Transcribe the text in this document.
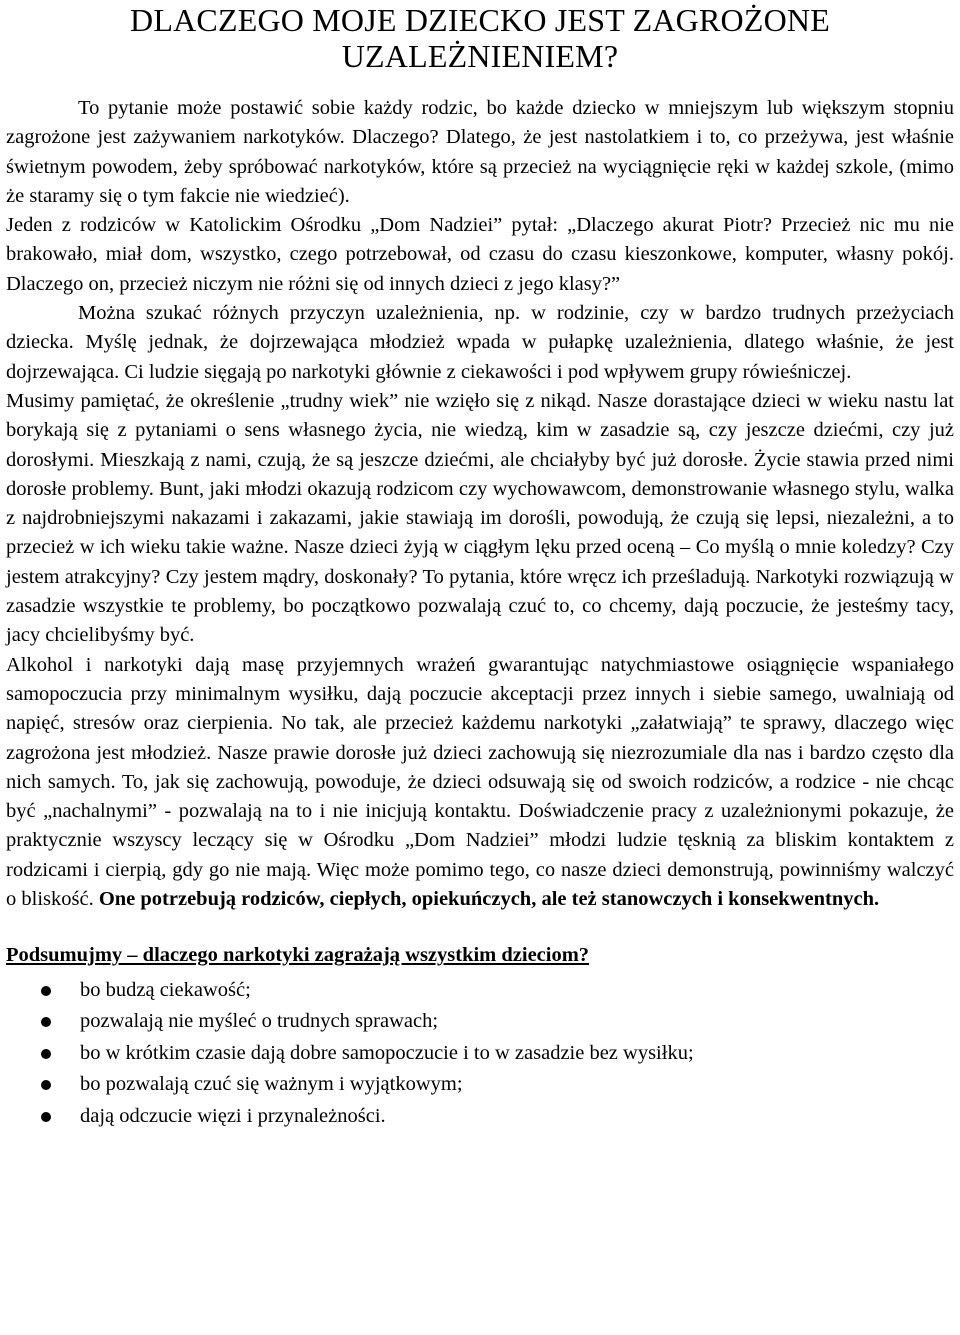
DLACZEGO MOJE DZIECKO JEST ZAGROŻONE UZALEŻNIENIEM?

To pytanie może postawić sobie każdy rodzic, bo każde dziecko w mniejszym lub większym stopniu zagrożone jest zażywaniem narkotyków. Dlaczego? Dlatego, że jest nastolatkiem i to, co przeżywa, jest właśnie świetnym powodem, żeby spróbować narkotyków, które są przecież na wyciągnięcie ręki w każdej szkole, (mimo że staramy się o tym fakcie nie wiedzieć).

Jeden z rodziców w Katolickim Ośrodku „Dom Nadziei” pytał: „Dlaczego akurat Piotr? Przecież nic mu nie brakowało, miał dom, wszystko, czego potrzebował, od czasu do czasu kieszonkowe, komputer, własny pokój. Dlaczego on, przecież niczym nie różni się od innych dzieci z jego klasy?”

Można szukać różnych przyczyn uzależnienia, np. w rodzinie, czy w bardzo trudnych przeżyciach dziecka. Myślę jednak, że dojrzewająca młodzież wpada w pułapkę uzależnienia, dlatego właśnie, że jest dojrzewająca. Ci ludzie sięgają po narkotyki głównie z ciekawości i pod wpływem grupy rówieśniczej.

Musimy pamiętać, że określenie „trudny wiek” nie wzięło się z nikąd. Nasze dorastające dzieci w wieku nastu lat borykają się z pytaniami o sens własnego życia, nie wiedzą, kim w zasadzie są, czy jeszcze dziećmi, czy już dorosłymi. Mieszkają z nami, czują, że są jeszcze dziećmi, ale chciałyby być już dorosłe. Życie stawia przed nimi dorosłe problemy. Bunt, jaki młodzi okazują rodzicom czy wychowawcom, demonstrowanie własnego stylu, walka z najdrobniejszymi nakazami i zakazami, jakie stawiają im dorośli, powodują, że czują się lepsi, niezależni, a to przecież w ich wieku takie ważne. Nasze dzieci żyją w ciągłym lęku przed oceną – Co myślą o mnie koledzy? Czy jestem atrakcyjny? Czy jestem mądry, doskonały? To pytania, które wręcz ich prześladują. Narkotyki rozwiązują w zasadzie wszystkie te problemy, bo początkowo pozwalają czuć to, co chcemy, dają poczucie, że jesteśmy tacy, jacy chcielibyśmy być.

Alkohol i narkotyki dają masę przyjemnych wrażeń gwarantując natychmiastowe osiągnięcie wspaniałego samopoczucia przy minimalnym wysiłku, dają poczucie akceptacji przez innych i siebie samego, uwalniają od napięć, stresów oraz cierpienia. No tak, ale przecież każdemu narkotyki „załatwiają” te sprawy, dlaczego więc zagrożona jest młodzież. Nasze prawie dorosłe już dzieci zachowują się niezrozumiale dla nas i bardzo często dla nich samych. To, jak się zachowują, powoduje, że dzieci odsuwają się od swoich rodziców, a rodzice - nie chcąc być „nachalnymi” - pozwalają na to i nie inicjują kontaktu. Doświadczenie pracy z uzależnionymi pokazuje, że praktycznie wszyscy leczący się w Ośrodku „Dom Nadziei” młodzi ludzie tęsknią za bliskim kontaktem z rodzicami i cierpią, gdy go nie mają. Więc może pomimo tego, co nasze dzieci demonstrują, powinniśmy walczyć o bliskość. One potrzebują rodziców, ciepłych, opiekuńczych, ale też stanowczych i konsekwentnych.

Podsumujmy – dlaczego narkotyki zagrażają wszystkim dzieciom?
bo budzą ciekawość;
pozwalają nie myśleć o trudnych sprawach;
bo w krótkim czasie dają dobre samopoczucie i to w zasadzie bez wysiłku;
bo pozwalają czuć się ważnym i wyjątkowym;
dają odczucie więzi i przynależności.
